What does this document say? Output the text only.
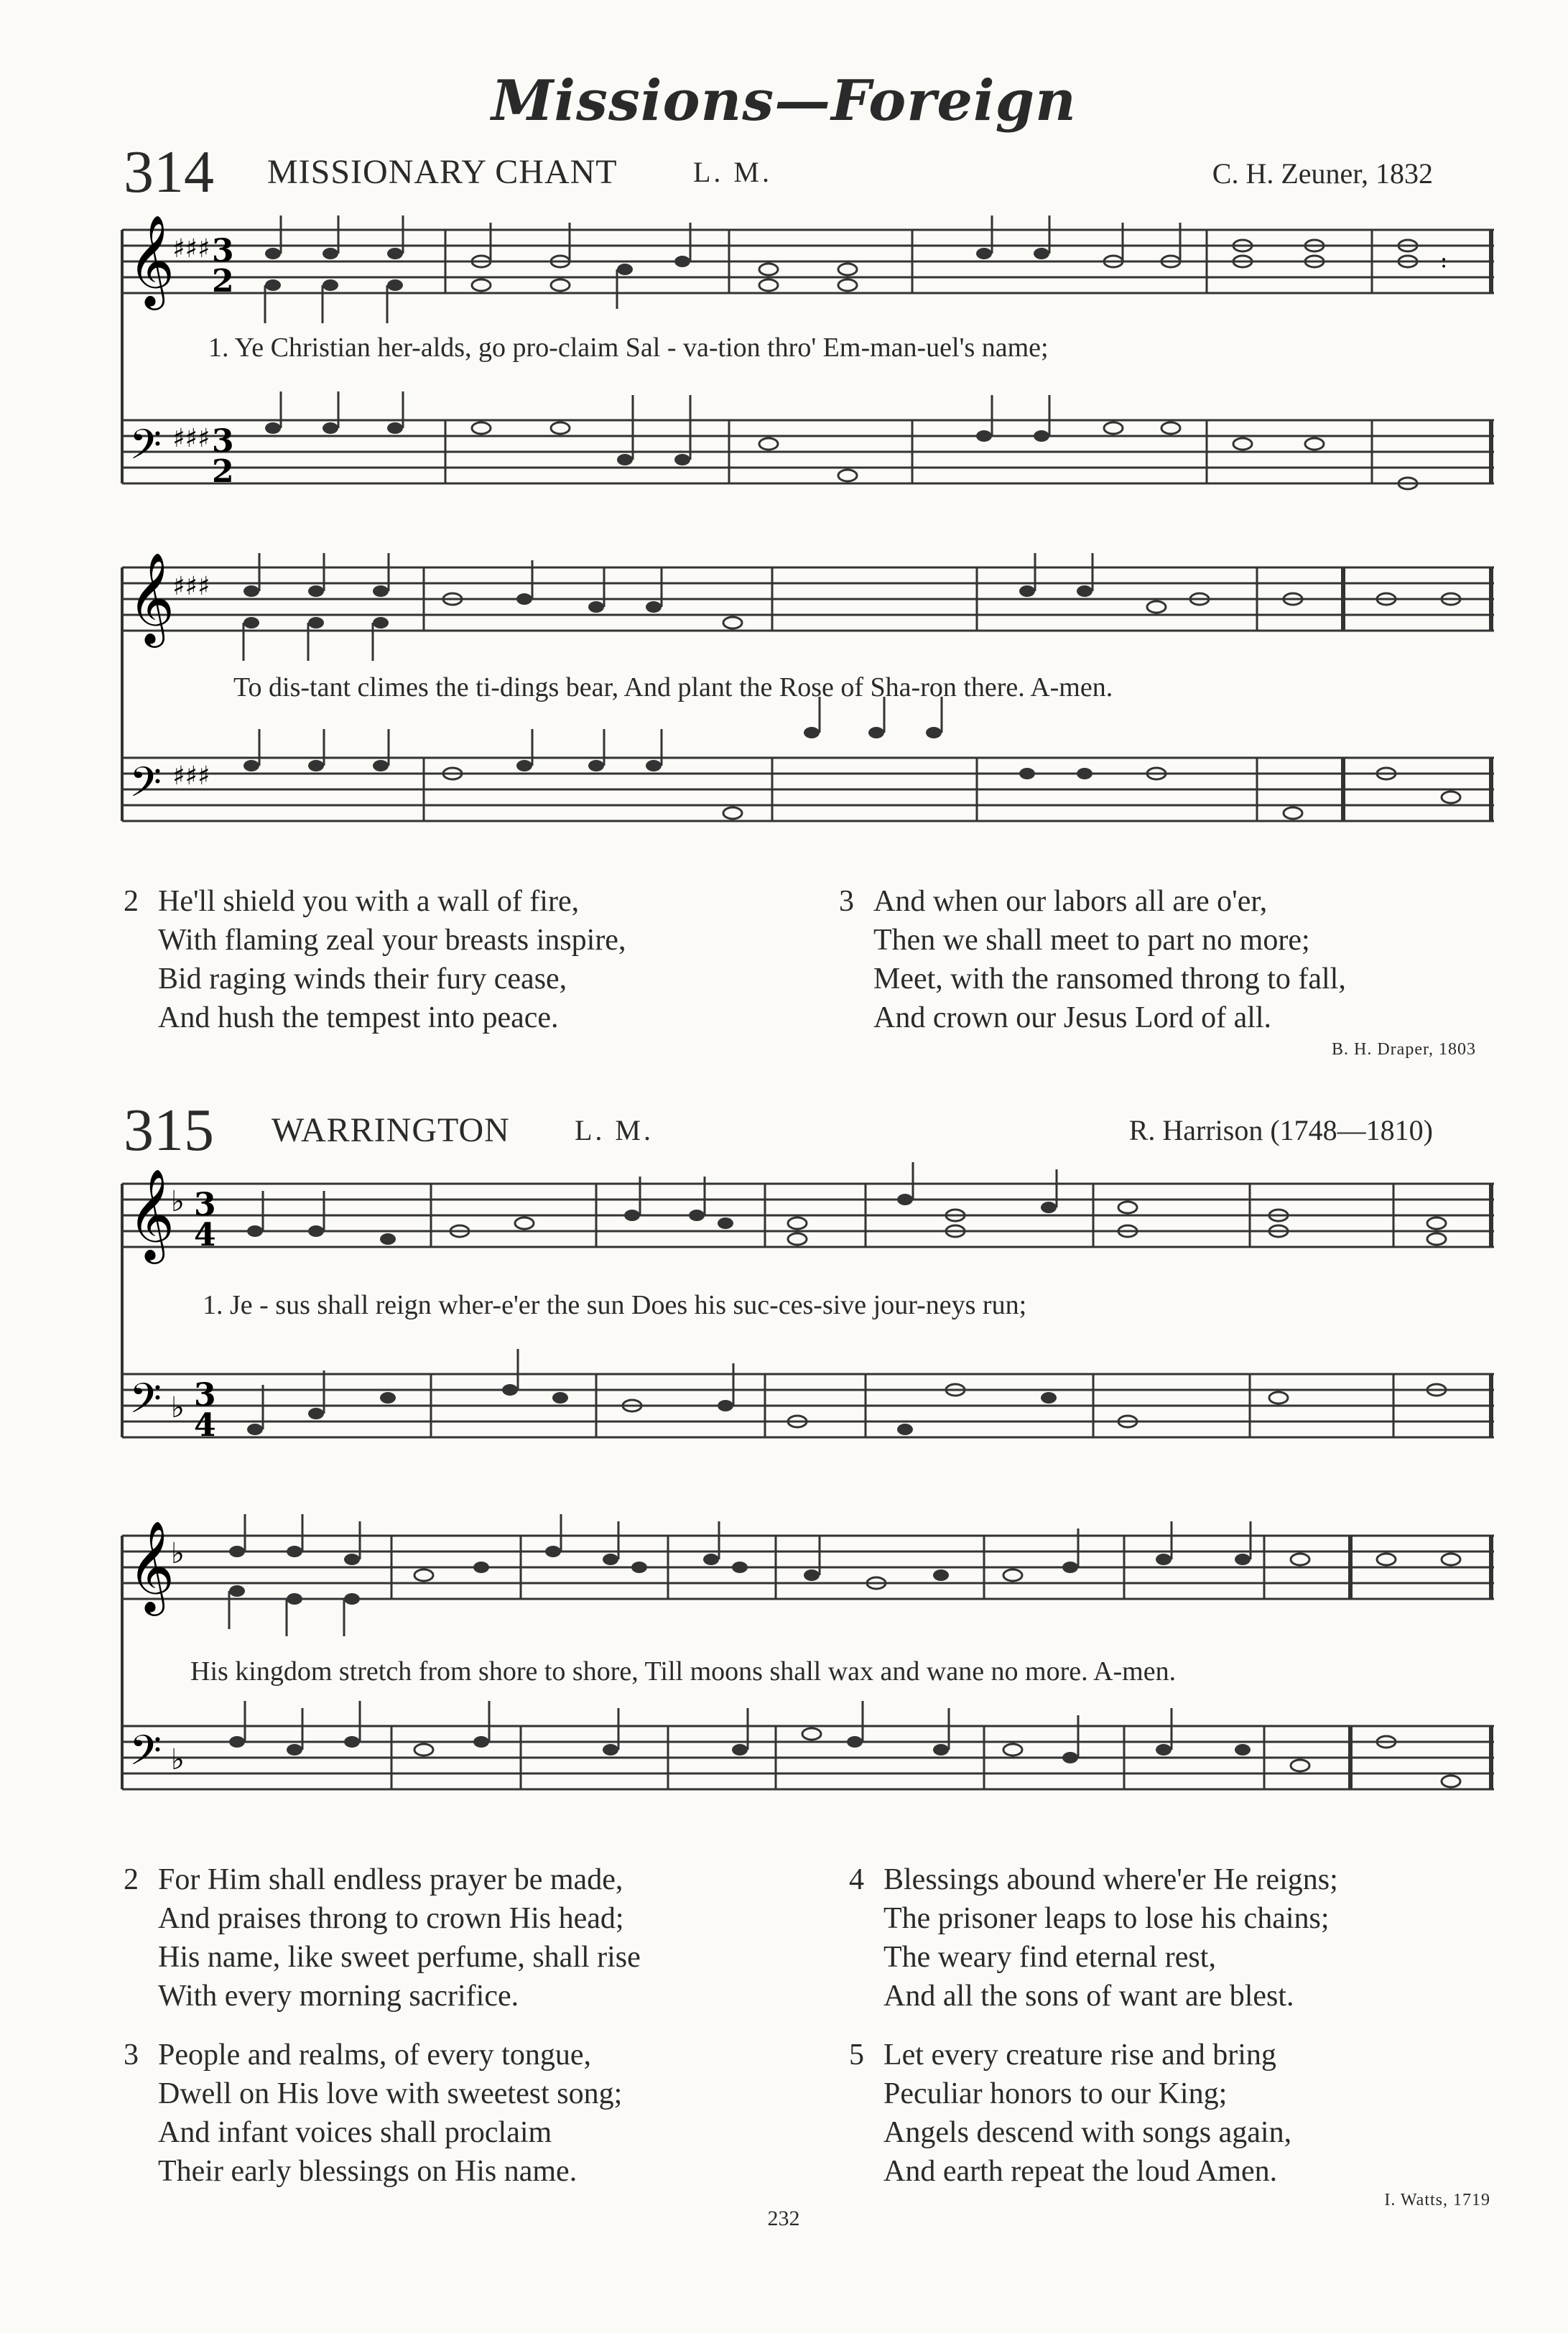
Missions—Foreign
314 MISSIONARY CHANT	L. M.	C. H. Zeuner, 1832
𝄞
𝄢
♯♯♯
♯♯♯
3
2
3
2
:
1. Ye Christian her-alds, go pro-claim Sal - va-tion thro' Em-man-uel's name;
𝄞
𝄢
♯♯♯
♯♯♯
To dis-tant climes the ti-dings bear, And plant the Rose of Sha-ron there. A-men.
2 He'll shield you with a wall of fire,
With flaming zeal your breasts inspire,
Bid raging winds their fury cease,
And hush the tempest into peace.
3 And when our labors all are o'er,
Then we shall meet to part no more;
Meet, with the ransomed throng to fall,
And crown our Jesus Lord of all.
B. H. Draper, 1803
315 WARRINGTON L. M.	R. Harrison (1748—1810)
𝄞
𝄢
♭
♭
3
4
3
4
1. Je - sus shall reign wher-e'er the sun Does his suc-ces-sive jour-neys run;
𝄞
𝄢
♭
♭
His kingdom stretch from shore to shore, Till moons shall wax and wane no more. A-men.
2 For Him shall endless prayer be made,
And praises throng to crown His head;
His name, like sweet perfume, shall rise
With every morning sacrifice.
4 Blessings abound where'er He reigns;
The prisoner leaps to lose his chains;
The weary find eternal rest,
And all the sons of want are blest.
3 People and realms, of every tongue,
Dwell on His love with sweetest song;
And infant voices shall proclaim
Their early blessings on His name.
5 Let every creature rise and bring
Peculiar honors to our King;
Angels descend with songs again,
And earth repeat the loud Amen.
I. Watts, 1719
232
